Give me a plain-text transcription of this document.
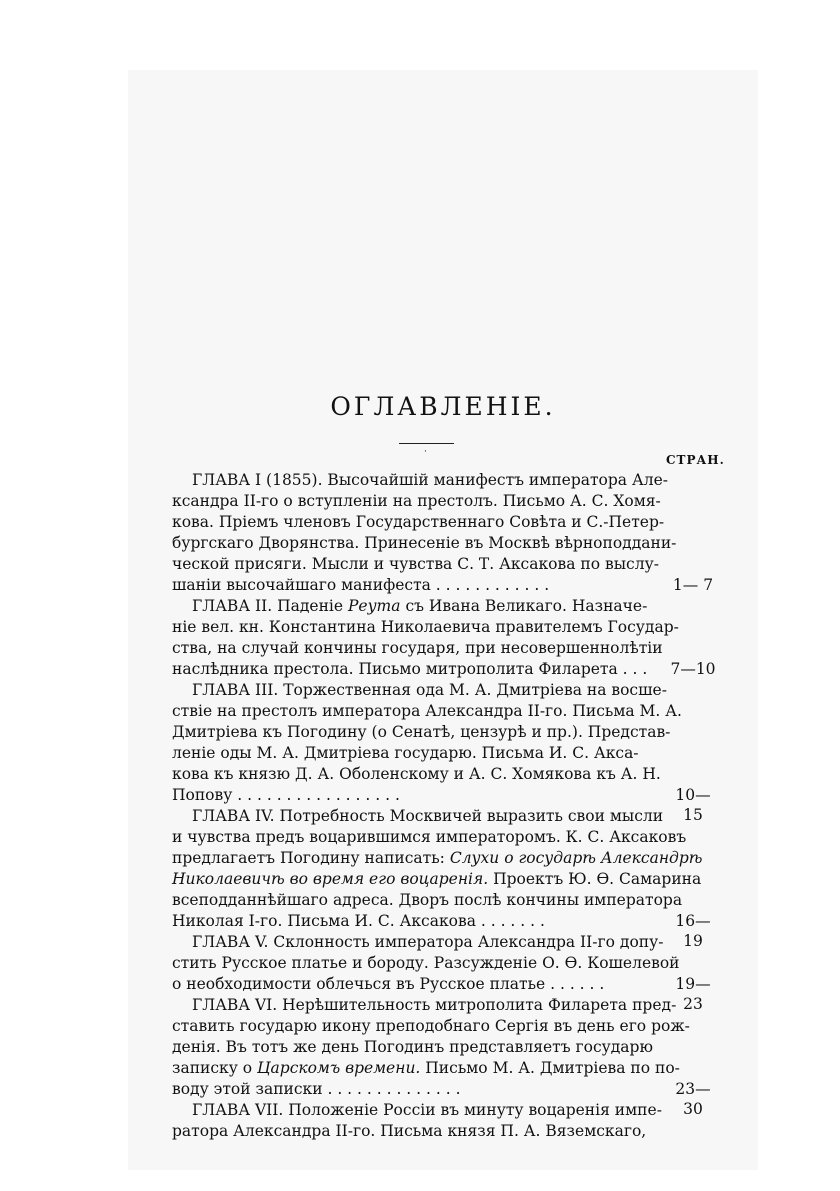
ОГЛАВЛЕНІЕ.
·
СТРАН.
ГЛАВА I (1855). Высочайшій манифестъ императора Але-
ксандра II-го о вступленіи на престолъ. Письмо А. С. Хомя-
кова. Пріемъ членовъ Государственнаго Совѣта и С.-Петер-
бургскаго Дворянства. Принесеніе въ Москвѣ вѣрноподдани-
ческой присяги. Мысли и чувства С. Т. Аксакова по выслу-
шаніи высочайшаго манифеста . . . . . . . . . . . .	1— 7
ГЛАВА II. Паденіе Реута съ Ивана Великаго. Назначе-
ніе вел. кн. Константина Николаевича правителемъ Государ-
ства, на случай кончины государя, при несовершеннолѣтіи
наслѣдника престола. Письмо митрополита Филарета . . . 7—10
ГЛАВА III. Торжественная ода М. А. Дмитріева на восше-
ствіе на престолъ императора Александра II-го. Письма М. А.
Дмитріева къ Погодину (о Сенатѣ, цензурѣ и пр.). Представ-
леніе оды М. А. Дмитріева государю. Письма И. С. Акса-
кова къ князю Д. А. Оболенскому и А. С. Хомякова къ А. Н.
Попову . . . . . . . . . . . . . . . . .	10—15
ГЛАВА IV. Потребность Москвичей выразить свои мысли
и чувства предъ воцарившимся императоромъ. К. С. Аксаковъ
предлагаетъ Погодину написать: Слухи о государѣ Александрѣ
Николаевичѣ во время его воцаренія. Проектъ Ю. Ѳ. Самарина
всеподданнѣйшаго адреса. Дворъ послѣ кончины императора
Николая I-го. Письма И. С. Аксакова . . . . . . .	16—19
ГЛАВА V. Склонность императора Александра II-го допу-
стить Русское платье и бороду. Разсужденіе О. Ѳ. Кошелевой
о необходимости облечься въ Русское платье . . . . . .	19—23
ГЛАВА VI. Нерѣшительность митрополита Филарета пред-
ставить государю икону преподобнаго Сергія въ день его рож-
денія. Въ тотъ же день Погодинъ представляетъ государю
записку о Царскомъ времени. Письмо М. А. Дмитріева по по-
воду этой записки . . . . . . . . . . . . . .	23—30
ГЛАВА VII. Положеніе Россіи въ минуту воцаренія импе-
ратора Александра II-го. Письма князя П. А. Вяземскаго,
